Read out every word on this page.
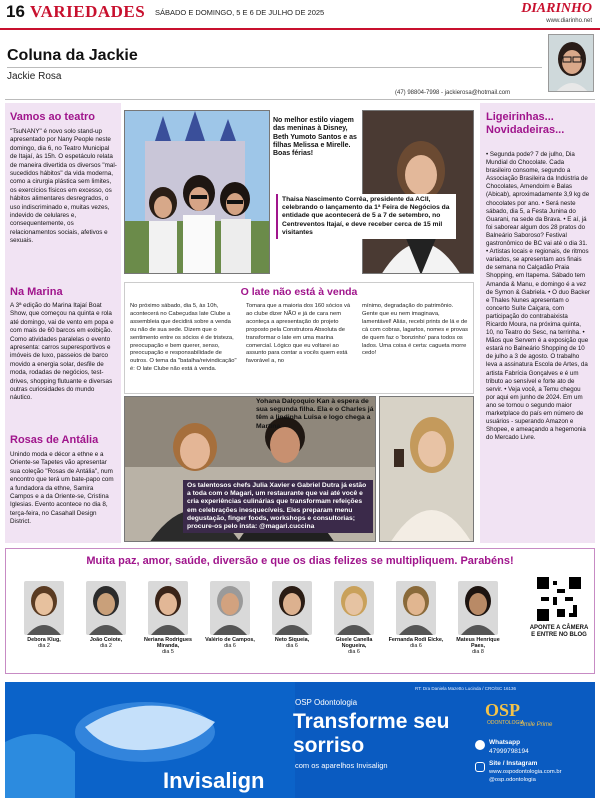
16 VARIEDADES SÁBADO E DOMINGO, 5 E 6 DE JULHO DE 2025	DIARINHO
www.diarinho.net
Coluna da Jackie
Jackie Rosa
(47) 98804-7998 - jackierosa@hotmail.com
Vamos ao teatro
"TsuNANY" é novo solo stand-up apresentado por Nany People neste domingo, dia 6, no Teatro Municipal de Itajaí, às 15h. O espetáculo relata de maneira divertida os diversos "mal-sucedidos hábitos" da vida moderna, como a cirurgia plástica sem limites, os exercícios físicos em excesso, os hábitos alimentares desregrados, o uso indiscriminado e, muitas vezes, indevido de celulares e, consequentemente, os relacionamentos sociais, afetivos e sexuais.
Na Marina
A 3ª edição do Marina Itajaí Boat Show, que começou na quinta e rola até domingo, vai de vento em popa e com mais de 60 barcos em exibição. Como atividades paralelas o evento apresenta: carros superesportivos e imóveis de luxo, passeios de barco movido a energia solar, desfile de moda, rodadas de negócios, test-drives, shopping flutuante e diversas outras curiosidades do mundo náutico.
Rosas de Antália
Unindo moda e décor a ethne e a Oriente-se Tapetes vão apresentar sua coleção "Rosas de Antália", num encontro que terá um bate-papo com a fundadora da ethne, Samira Campos e a da Oriente-se, Cristina Iglesias. Evento acontece no dia 8, terça-feira, no Casahall Design District.
No melhor estilo viagem das meninas à Disney, Beth Yumoto Santos e as filhas Melissa e Mirelle. Boas férias!
Thaisa Nascimento Corrêa, presidente da ACII, celebrando o lançamento da 1ª Feira de Negócios da entidade que acontecerá de 5 a 7 de setembro, no Centreventos Itajaí, e deve receber cerca de 15 mil visitantes
O late não está à venda
No próximo sábado, dia 5, às 10h, acontecerá no Cabeçudas late Clube a assembleia que decidirá sobre a venda ou não de sua sede. Dizem que o sentimento entre os sócios é de tristeza, preocupação e bem querer, senso, preocupação e responsabilidade de outros. O tema da "batalha/reivindicação" é: O late Clube não está à venda.
Tomara que a maioria dos 160 sócios vá ao clube dizer NÃO e já de cara nem aconteça a apresentação do projeto proposto pela Construtora Absoluta de transformar o late em uma marina comercial. Lógico que eu voltarei ao assunto para contar a vocês quem está favorável a, no
mínimo, degradação do patrimônio. Gente que eu nem imaginava, lamentável! Aliás, recebi prints de lá e de cá com cobras, lagartos, nomes e provas de quem faz o 'bonzinho' para todos os lados. Uma coisa é certa: cagueta morre cedo!
Os talentosos chefs Julia Xavier e Gabriel Dutra já estão a toda com o Magari, um restaurante que vai até você e cria experiências culinárias que transformam refeições em celebrações inesquecíveis. Eles preparam menu degustação, finger foods, workshops e consultorias; procure-os pelo insta: @magari.cuccina
Yohana Dalçoquio Kan à espera de sua segunda filha. Ela e o Charles já têm a lindinha Luisa e logo chega a Martina
Ligeirinhas... Novidadeiras...
• Segunda pode? 7 de julho, Dia Mundial do Chocolate. Cada brasileiro consome, segundo a Associação Brasileira da Indústria de Chocolates, Amendoim e Balas (Abicab), aproximadamente 3,9 kg de chocolates por ano. • Será neste sábado, dia 5, a Festa Junina do Guarani, na sede da Brava. • E aí, já foi saborear algum dos 28 pratos do Balneário Saboroso? Festival gastronômico de BC vai até o dia 31. • Artistas locais e regionais, de ritmos variados, se apresentam aos finais de semana no Calçadão Praia Shopping, em Itapema. Sábado tem Amanda & Manu, e domingo é a vez de Symon & Gabriela. • O duo Backer e Thales Nunes apresentam o concerto Suíte Caiçara, com participação do contrabaixista Ricardo Moura, na próxima quinta, 10, no Teatro do Sesc, na terrinha. • Mãos que Servem é a exposição que estará no Balneário Shopping de 10 de julho a 3 de agosto. O trabalho leva a assinatura Escola de Artes, da artista Fabrícia Gonçalves e é um tributo ao sensível e forte ato de servir. • Veja você, a Temu chegou por aqui em junho de 2024. Em um ano se tornou o segundo maior marketplace do país em número de usuários - superando Amazon e Shopee, e ameaçando a hegemonia do Mercado Livre.
Muita paz, amor, saúde, diversão e que os dias felizes se multipliquem. Parabéns!
Debora Klug,
dia 2
João Coiote,
dia 2
Neriana Rodrigues Miranda,
dia 5
Valério de Campos,
dia 6
Neto Siqueia,
dia 6
Gisele Canella Nogueira,
dia 6
Fernanda Rodi Eicke,
dia 6
Mateus Henrique Paes,
dia 8
APONTE A CÂMERA E ENTRE NO BLOG
Invisalign
OSP Odontologia
Transforme seu
sorriso
com os aparelhos Invisalign
RT: Dra Daniela Mazetto Lucinda / CRO/SC 16136
OSP
ODONTOLOGIA
Smile Prime
Whatsapp
47999798194
Site / Instagram
www.ospodontologia.com.br
@osp.odontologia
